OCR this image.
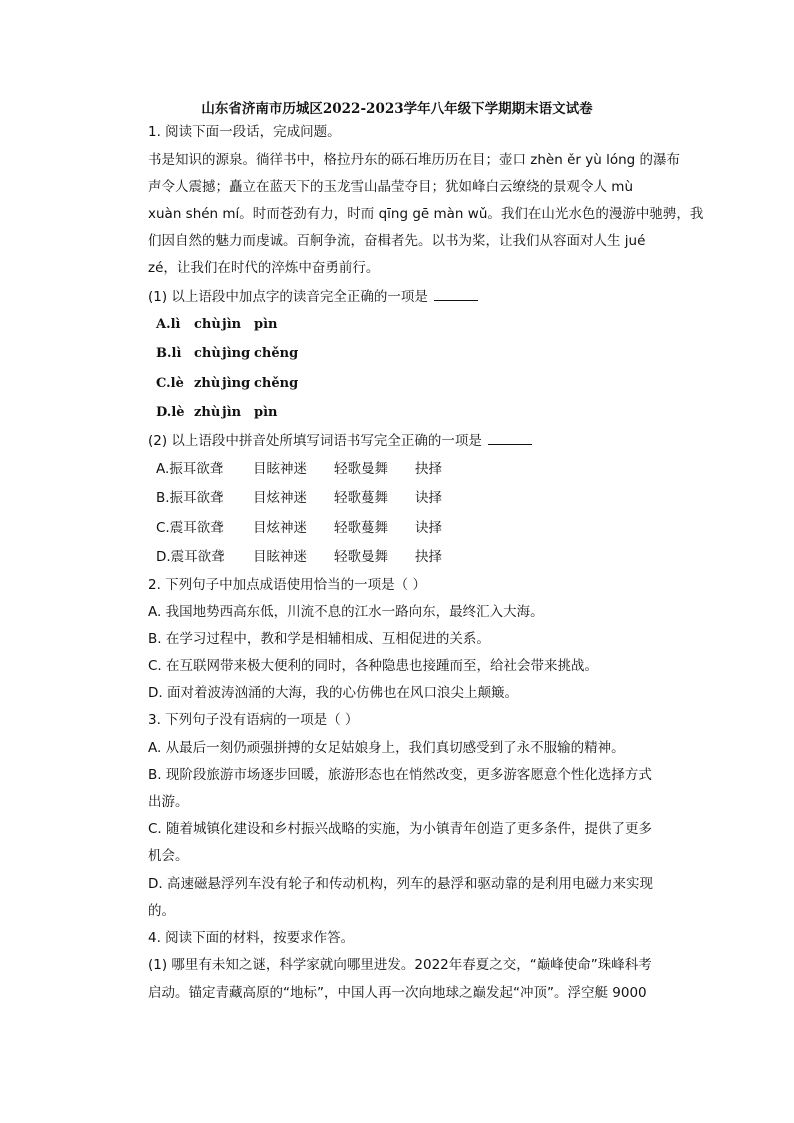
山东省济南市历城区2022-2023学年八年级下学期期末语文试卷
1. 阅读下面一段话，完成问题。
书是知识的源泉。徜徉书中，格拉丹东的砾石堆历历在目；壶口 zhèn ěr yù lóng 的瀑布
声令人震撼；矗立在蓝天下的玉龙雪山晶莹夺目；犹如峰白云缭绕的景观令人 mù
xuàn shén mí。时而苍劲有力，时而 qīng gē màn wǔ。我们在山光水色的漫游中驰骋，我
们因自然的魅力而虔诚。百舸争流，奋楫者先。以书为桨，让我们从容面对人生 jué
zé，让我们在时代的淬炼中奋勇前行。
(1) 以上语段中加点字的读音完全正确的一项是
A.lì chùjìn pìn
B.lì chùjìng chěng
C.lè zhù jìng chěng
D.lè zhù jìn pìn
(2) 以上语段中拼音处所填写词语书写完全正确的一项是
A.振耳欲聋 目眩神迷 轻歌曼舞 抉择
B.振耳欲聋 目炫神迷 轻歌蔓舞 诀择
C.震耳欲聋 目炫神迷 轻歌蔓舞 诀择
D.震耳欲聋 目眩神迷 轻歌曼舞 抉择
2. 下列句子中加点成语使用恰当的一项是（ ）
A. 我国地势西高东低，川流不息的江水一路向东，最终汇入大海。
B. 在学习过程中，教和学是相辅相成、互相促进的关系。
C. 在互联网带来极大便利的同时，各种隐患也接踵而至，给社会带来挑战。
D. 面对着波涛汹涌的大海，我的心仿佛也在风口浪尖上颠簸。
3. 下列句子没有语病的一项是（ ）
A. 从最后一刻仍顽强拼搏的女足姑娘身上，我们真切感受到了永不服输的精神。
B. 现阶段旅游市场逐步回暖，旅游形态也在悄然改变，更多游客愿意个性化选择方式
出游。
C. 随着城镇化建设和乡村振兴战略的实施，为小镇青年创造了更多条件，提供了更多
机会。
D. 高速磁悬浮列车没有轮子和传动机构，列车的悬浮和驱动靠的是利用电磁力来实现
的。
4. 阅读下面的材料，按要求作答。
(1) 哪里有未知之谜，科学家就向哪里进发。2022年春夏之交，“巅峰使命”珠峰科考
启动。锚定青藏高原的“地标”，中国人再一次向地球之巅发起“冲顶”。浮空艇 9000
